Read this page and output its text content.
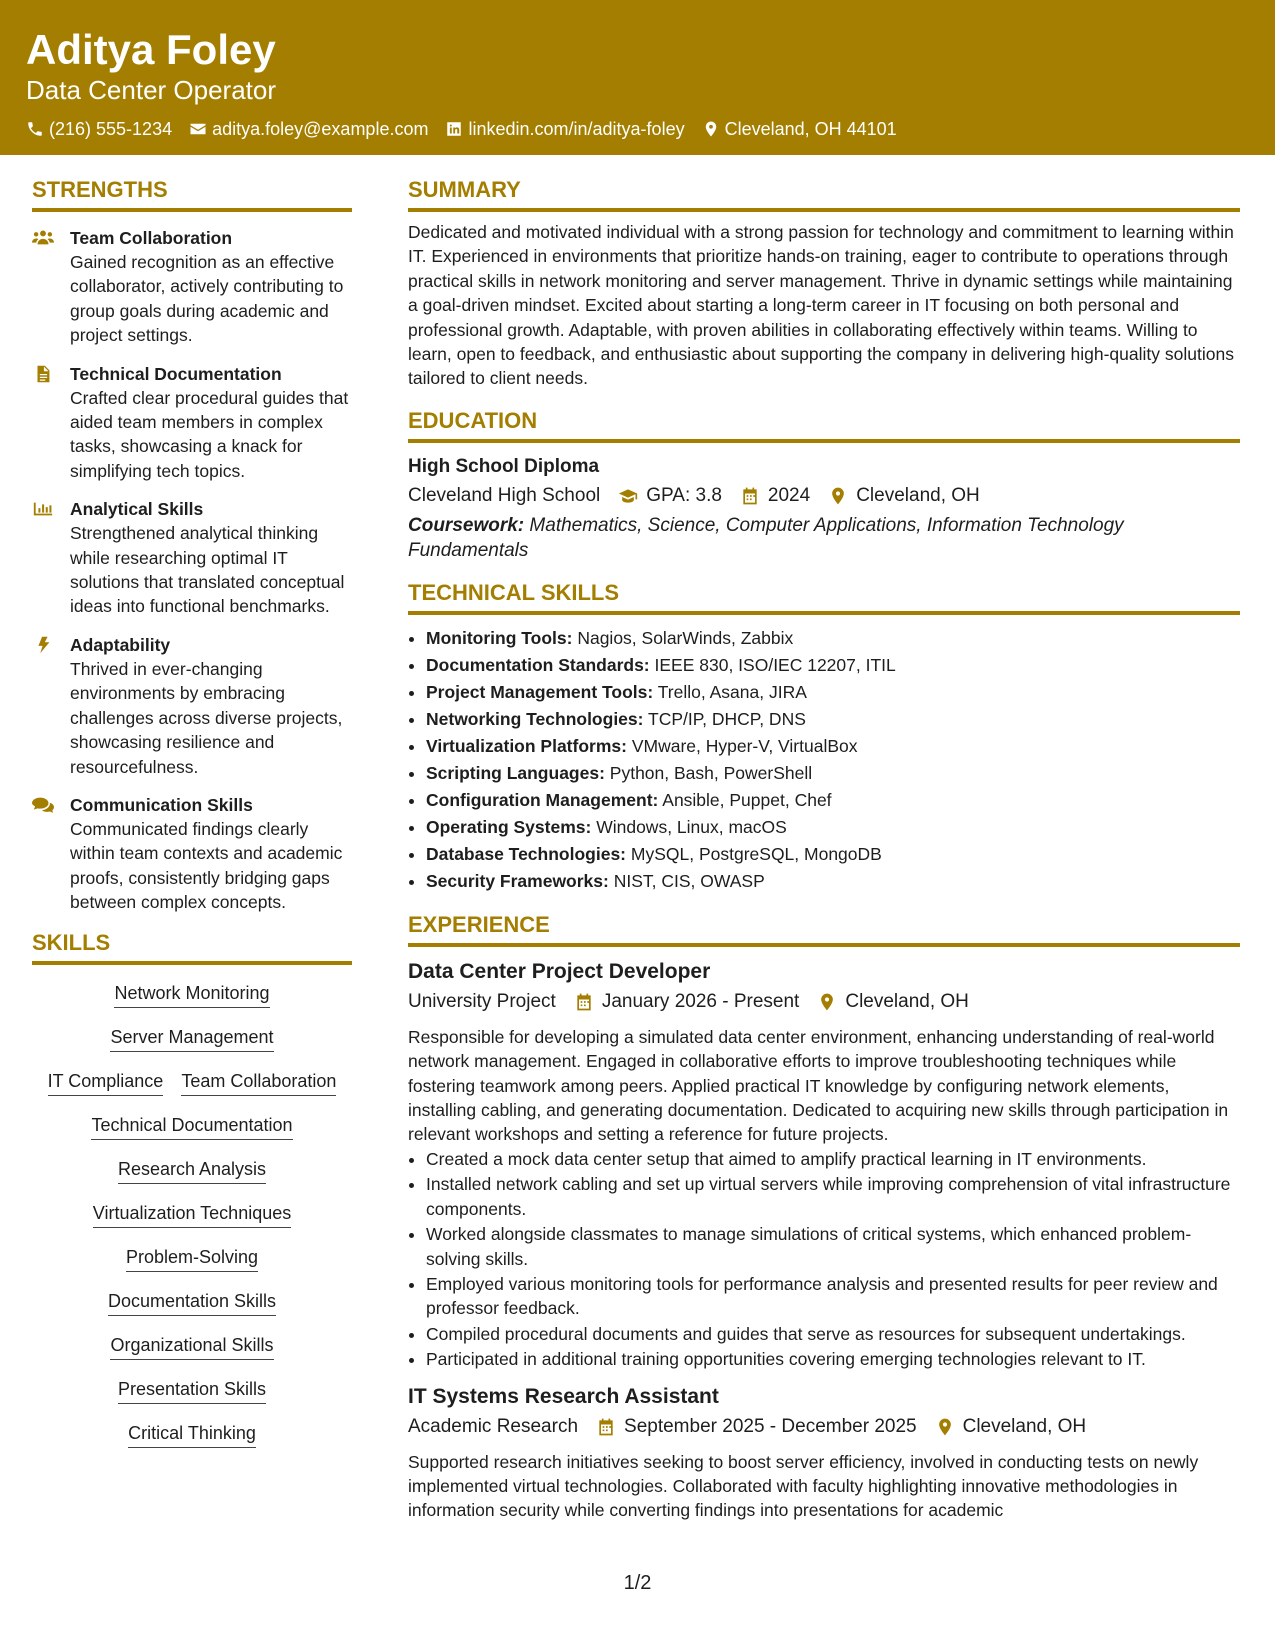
Aditya Foley
Data Center Operator
(216) 555-1234 aditya.foley@example.com linkedin.com/in/aditya-foley Cleveland, OH 44101
STRENGTHS
Team Collaboration
Gained recognition as an effective collaborator, actively contributing to group goals during academic and project settings.
Technical Documentation
Crafted clear procedural guides that aided team members in complex tasks, showcasing a knack for simplifying tech topics.
Analytical Skills
Strengthened analytical thinking while researching optimal IT solutions that translated conceptual ideas into functional benchmarks.
Adaptability
Thrived in ever-changing environments by embracing challenges across diverse projects, showcasing resilience and resourcefulness.
Communication Skills
Communicated findings clearly within team contexts and academic proofs, consistently bridging gaps between complex concepts.
SKILLS
Network Monitoring
Server Management
IT Compliance Team Collaboration
Technical Documentation
Research Analysis
Virtualization Techniques
Problem-Solving
Documentation Skills
Organizational Skills
Presentation Skills
Critical Thinking
SUMMARY
Dedicated and motivated individual with a strong passion for technology and commitment to learning within IT. Experienced in environments that prioritize hands-on training, eager to contribute to operations through practical skills in network monitoring and server management. Thrive in dynamic settings while maintaining a goal-driven mindset. Excited about starting a long-term career in IT focusing on both personal and professional growth. Adaptable, with proven abilities in collaborating effectively within teams. Willing to learn, open to feedback, and enthusiastic about supporting the company in delivering high-quality solutions tailored to client needs.
EDUCATION
High School Diploma
Cleveland High School GPA: 3.8 2024 Cleveland, OH
Coursework: Mathematics, Science, Computer Applications, Information Technology Fundamentals
TECHNICAL SKILLS
• Monitoring Tools: Nagios, SolarWinds, Zabbix
• Documentation Standards: IEEE 830, ISO/IEC 12207, ITIL
• Project Management Tools: Trello, Asana, JIRA
• Networking Technologies: TCP/IP, DHCP, DNS
• Virtualization Platforms: VMware, Hyper-V, VirtualBox
• Scripting Languages: Python, Bash, PowerShell
• Configuration Management: Ansible, Puppet, Chef
• Operating Systems: Windows, Linux, macOS
• Database Technologies: MySQL, PostgreSQL, MongoDB
• Security Frameworks: NIST, CIS, OWASP
EXPERIENCE
Data Center Project Developer
University Project January 2026 - Present Cleveland, OH
Responsible for developing a simulated data center environment, enhancing understanding of real-world network management. Engaged in collaborative efforts to improve troubleshooting techniques while fostering teamwork among peers. Applied practical IT knowledge by configuring network elements, installing cabling, and generating documentation. Dedicated to acquiring new skills through participation in relevant workshops and setting a reference for future projects.
• Created a mock data center setup that aimed to amplify practical learning in IT environments.
• Installed network cabling and set up virtual servers while improving comprehension of vital infrastructure components.
• Worked alongside classmates to manage simulations of critical systems, which enhanced problem-solving skills.
• Employed various monitoring tools for performance analysis and presented results for peer review and professor feedback.
• Compiled procedural documents and guides that serve as resources for subsequent undertakings.
• Participated in additional training opportunities covering emerging technologies relevant to IT.
IT Systems Research Assistant
Academic Research September 2025 - December 2025 Cleveland, OH
Supported research initiatives seeking to boost server efficiency, involved in conducting tests on newly implemented virtual technologies. Collaborated with faculty highlighting innovative methodologies in information security while converting findings into presentations for academic
1/2
